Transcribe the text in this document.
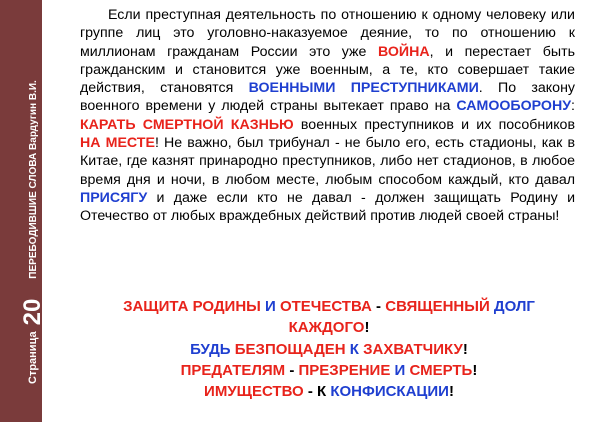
Страница
20
ПЕРЕБОДИВШИЕ СЛОВА Вардугин В.И.

Если преступная деятельность по отношению к одному человеку или группе лиц это уголовно-наказуемое деяние, то по отношению к миллионам гражданам России это уже ВОЙНА, и перестает быть гражданским и становится уже военным, а те, кто совершает такие действия, становятся ВОЕННЫМИ ПРЕСТУПНИКАМИ. По закону военного времени у людей страны вытекает право на САМООБОРОНУ: КАРАТЬ СМЕРТНОЙ КАЗНЬЮ военных преступников и их пособников НА МЕСТЕ! Не важно, был трибунал - не было его, есть стадионы, как в Китае, где казнят принародно преступников, либо нет стадионов, в любое время дня и ночи, в любом месте, любым способом каждый, кто давал ПРИСЯГУ и даже если кто не давал - должен защищать Родину и Отечество от любых враждебных действий против людей своей страны!

ЗАЩИТА РОДИНЫ И ОТЕЧЕСТВА - СВЯЩЕННЫЙ ДОЛГ
КАЖДОГО!
БУДЬ БЕЗПОЩАДЕН К ЗАХВАТЧИКУ!
ПРЕДАТЕЛЯМ - ПРЕЗРЕНИЕ И СМЕРТЬ!
ИМУЩЕСТВО - К КОНФИСКАЦИИ!
